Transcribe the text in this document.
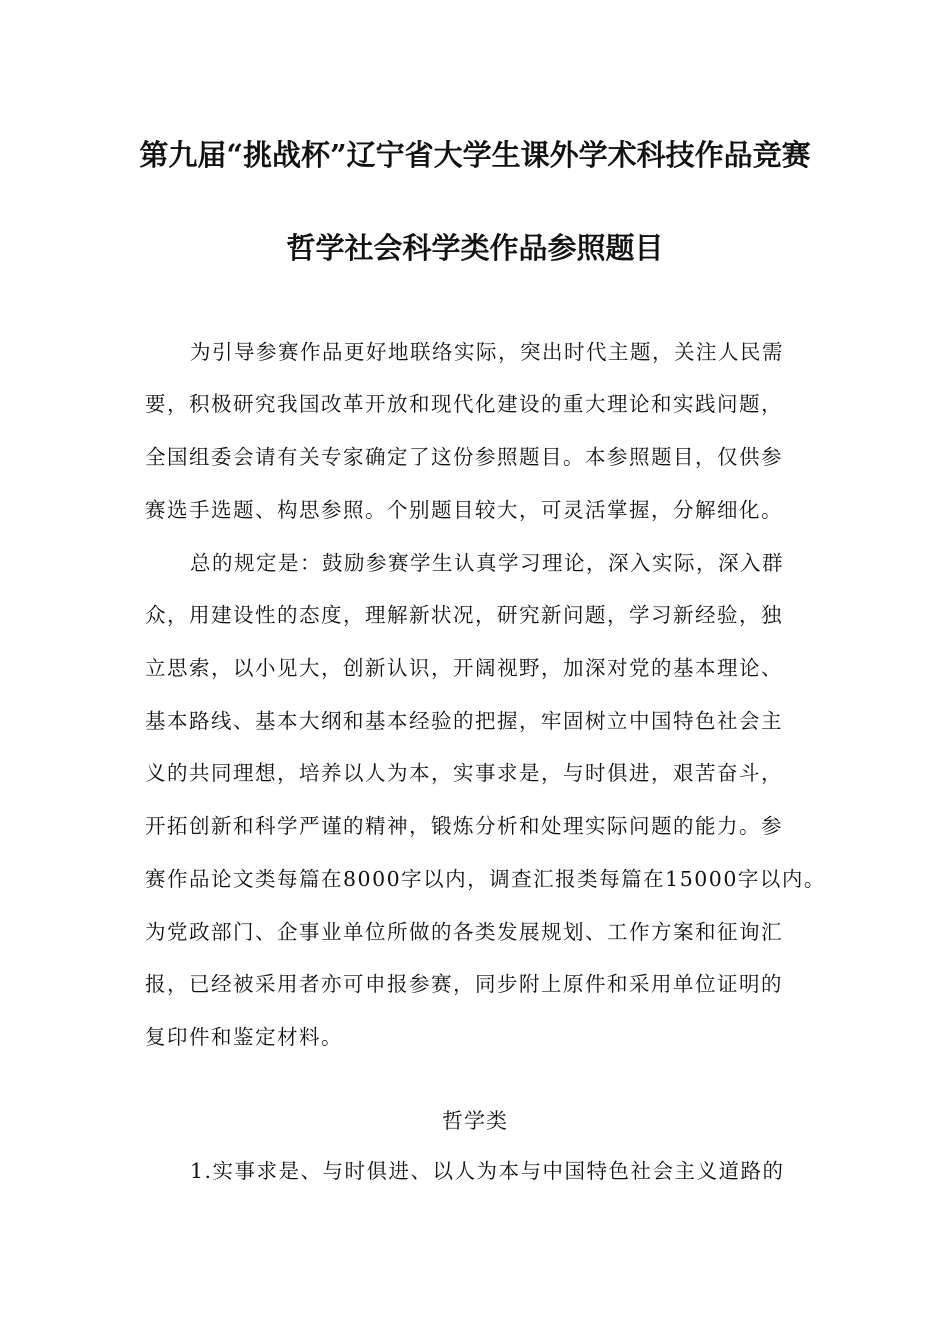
第九届“挑战杯”辽宁省大学生课外学术科技作品竞赛
哲学社会科学类作品参照题目
为引导参赛作品更好地联络实际，突出时代主题，关注人民需
要，积极研究我国改革开放和现代化建设的重大理论和实践问题，
全国组委会请有关专家确定了这份参照题目。本参照题目，仅供参
赛选手选题、构思参照。个别题目较大，可灵活掌握，分解细化。
总的规定是：鼓励参赛学生认真学习理论，深入实际，深入群
众，用建设性的态度，理解新状况，研究新问题，学习新经验，独
立思索，以小见大，创新认识，开阔视野，加深对党的基本理论、
基本路线、基本大纲和基本经验的把握，牢固树立中国特色社会主
义的共同理想，培养以人为本，实事求是，与时俱进，艰苦奋斗，
开拓创新和科学严谨的精神，锻炼分析和处理实际问题的能力。参
赛作品论文类每篇在8000字以内，调查汇报类每篇在15000字以内。
为党政部门、企事业单位所做的各类发展规划、工作方案和征询汇
报，已经被采用者亦可申报参赛，同步附上原件和采用单位证明的
复印件和鉴定材料。
哲学类
1.实事求是、与时俱进、以人为本与中国特色社会主义道路的
